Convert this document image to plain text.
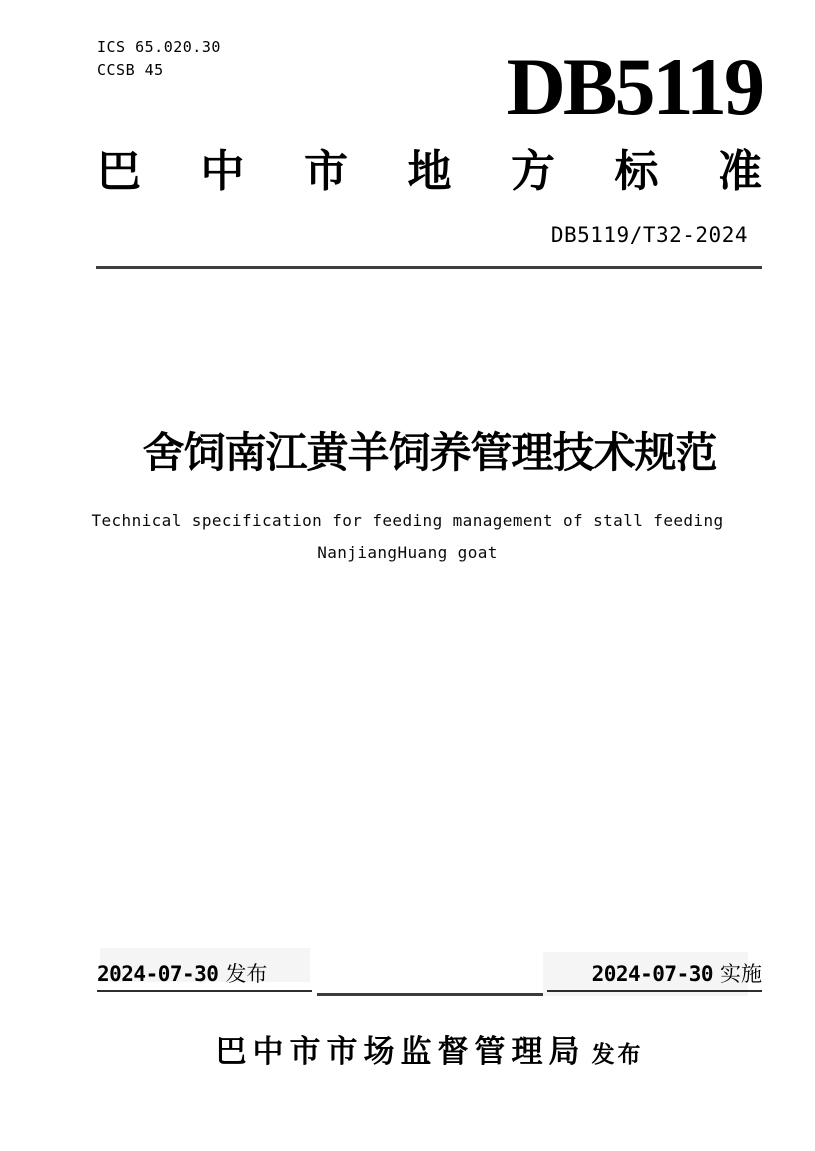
ICS 65.020.30
CCSB 45	DB5119
巴 中 市 地 方 标 准
DB5119/T32-2024
舍饲南江黄羊饲养管理技术规范

Technical specification for feeding management of stall feeding

NanjiangHuang goat

2024-07-30 发布	2024-07-30 实施
巴中市市场监督管理局 发布
